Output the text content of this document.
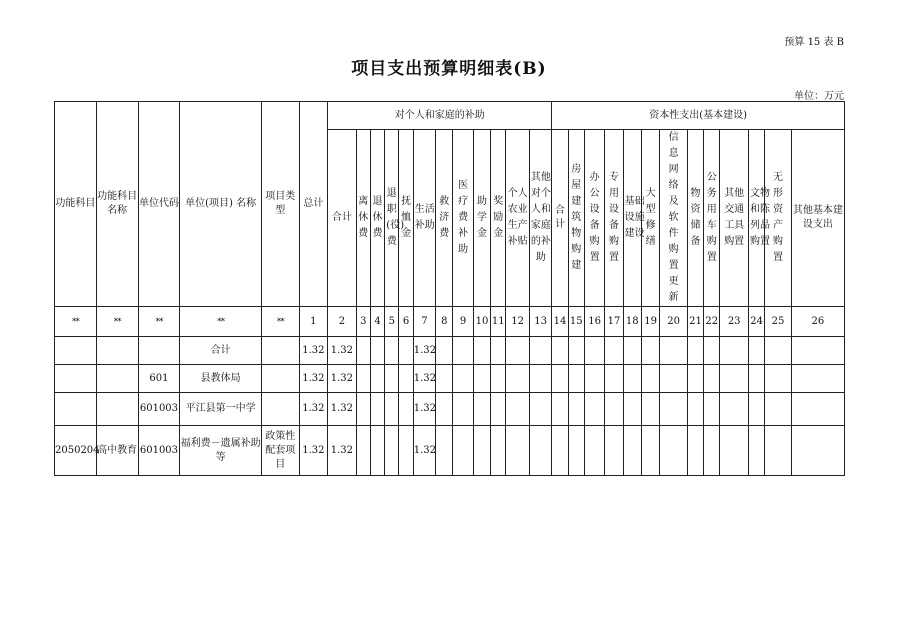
预算 15 表 B
项目支出预算明细表(B)
单位：万元
功能科目	功能科目名称	单位代码	单位(项目) 名称	项目类型	总计	对个人和家庭的补助												资本性支出(基本建设)												
						合计	离休费	退休费	退职(役)费	抚恤金	生活补助	救济费	医疗费补助	助学金	奖励金	个人农业生产补贴	其他对个人和家庭的补助	合计	房屋建筑物购建	办公设备购置	专用设备购置	基础设施建设	大型修缮	信息网络及软件购置更新	物资储备	公务用车购置	其他交通工具购置	文物和陈列品购置	无形资产购置	其他基本建设支出
**	**	**	**	**	1	2	3	4	5	6	7	8	9	10	11	12	13	14	15	16	17	18	19	20	21	22	23	24	25	26
			合计		1.32	1.32					1.32																			
		601	县教体局		1.32	1.32					1.32																			
		601003	平江县第一中学		1.32	1.32					1.32																			
2050204	高中教育	601003	福利费－遗属补助等	政策性配套项目	1.32	1.32					1.32																			
